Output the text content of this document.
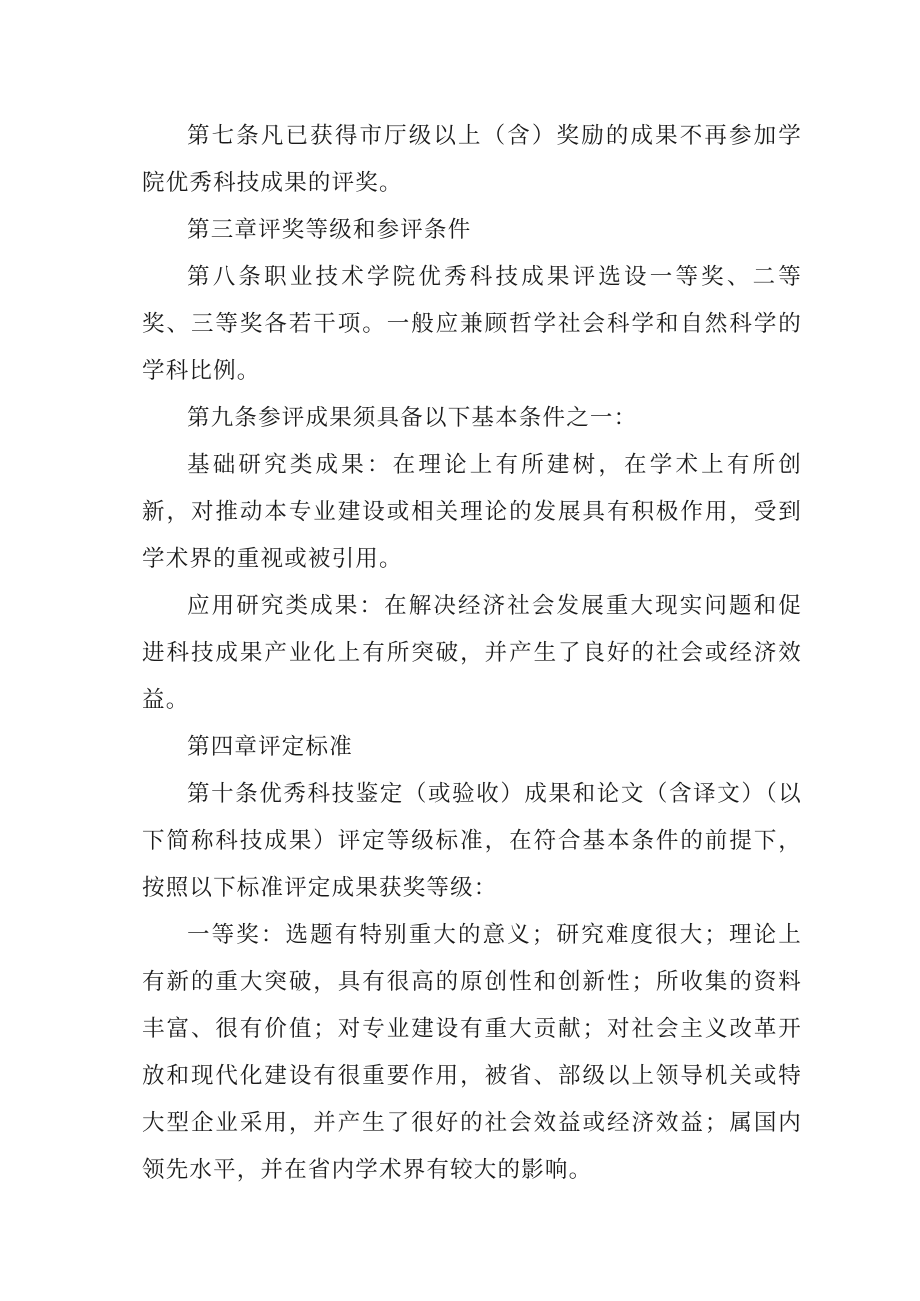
第七条凡已获得市厅级以上（含）奖励的成果不再参加学院优秀科技成果的评奖。

第三章评奖等级和参评条件

第八条职业技术学院优秀科技成果评选设一等奖、二等奖、三等奖各若干项。一般应兼顾哲学社会科学和自然科学的学科比例。

第九条参评成果须具备以下基本条件之一：

基础研究类成果：在理论上有所建树，在学术上有所创新，对推动本专业建设或相关理论的发展具有积极作用，受到学术界的重视或被引用。

应用研究类成果：在解决经济社会发展重大现实问题和促进科技成果产业化上有所突破，并产生了良好的社会或经济效益。

第四章评定标准

第十条优秀科技鉴定（或验收）成果和论文（含译文）（以下简称科技成果）评定等级标准，在符合基本条件的前提下，按照以下标准评定成果获奖等级：

一等奖：选题有特别重大的意义；研究难度很大；理论上有新的重大突破，具有很高的原创性和创新性；所收集的资料丰富、很有价值；对专业建设有重大贡献；对社会主义改革开放和现代化建设有很重要作用，被省、部级以上领导机关或特大型企业采用，并产生了很好的社会效益或经济效益；属国内领先水平，并在省内学术界有较大的影响。
